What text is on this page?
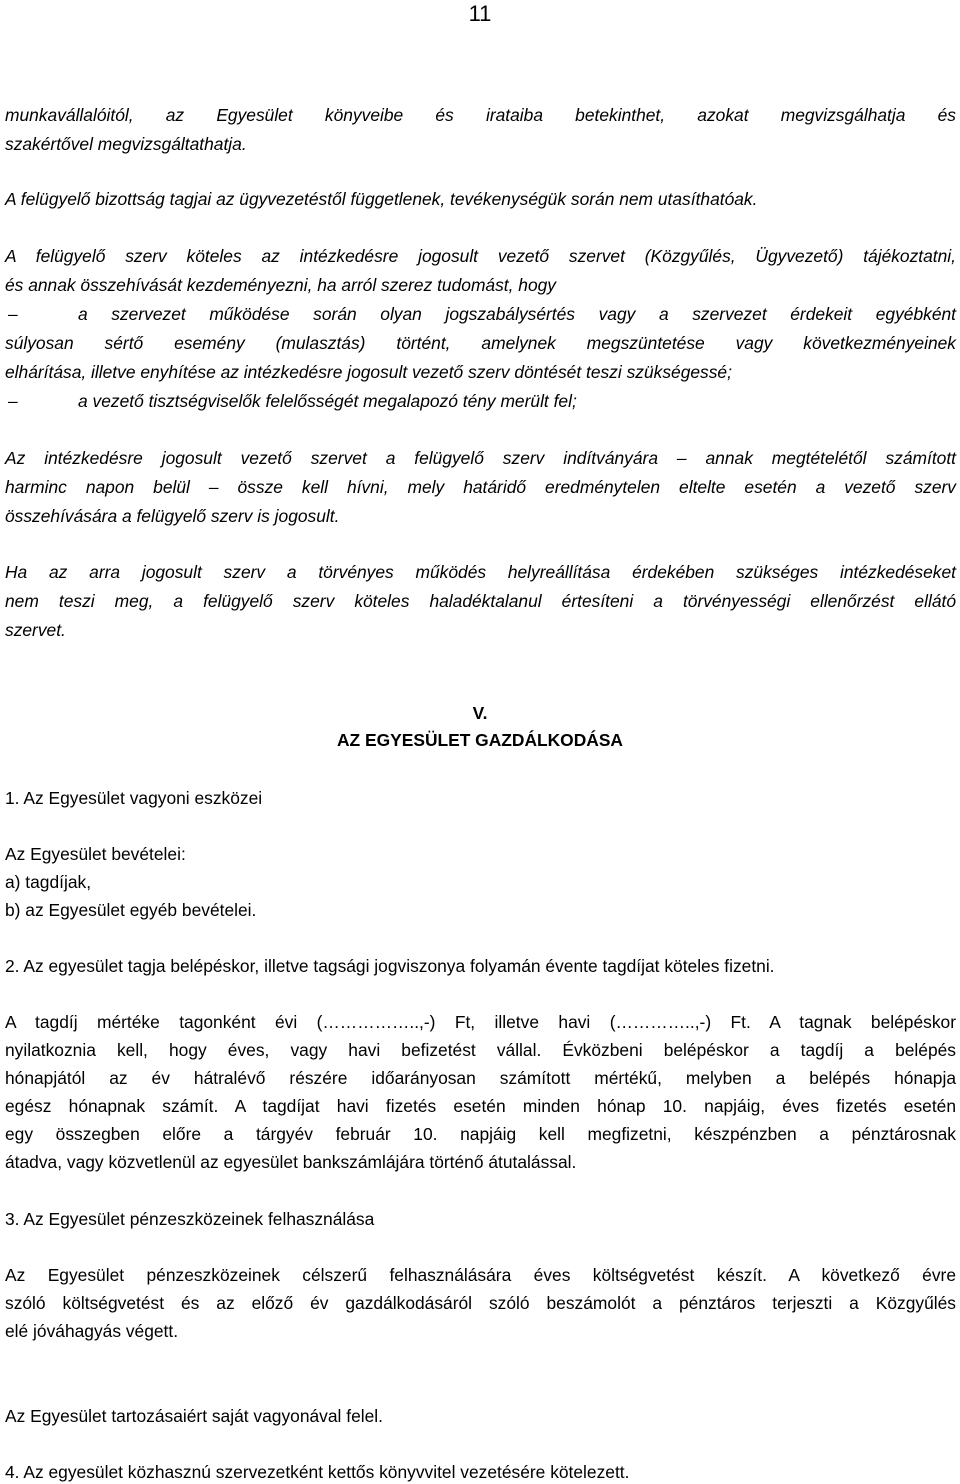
11
munkavállalóitól, az Egyesület könyveibe és irataiba betekinthet, azokat megvizsgálhatja és
szakértővel megvizsgáltathatja.
A felügyelő bizottság tagjai az ügyvezetéstől függetlenek, tevékenységük során nem utasíthatóak.
A felügyelő szerv köteles az intézkedésre jogosult vezető szervet (Közgyűlés, Ügyvezető) tájékoztatni,
és annak összehívását kezdeményezni, ha arról szerez tudomást, hogy
–	a szervezet működése során olyan jogszabálysértés vagy a szervezet érdekeit egyébként
súlyosan sértő esemény (mulasztás) történt, amelynek megszüntetése vagy következményeinek
elhárítása, illetve enyhítése az intézkedésre jogosult vezető szerv döntését teszi szükségessé;
–	a vezető tisztségviselők felelősségét megalapozó tény merült fel;
Az intézkedésre jogosult vezető szervet a felügyelő szerv indítványára – annak megtételétől számított
harminc napon belül – össze kell hívni, mely határidő eredménytelen eltelte esetén a vezető szerv
összehívására a felügyelő szerv is jogosult.
Ha az arra jogosult szerv a törvényes működés helyreállítása érdekében szükséges intézkedéseket
nem teszi meg, a felügyelő szerv köteles haladéktalanul értesíteni a törvényességi ellenőrzést ellátó
szervet.
V.
AZ EGYESÜLET GAZDÁLKODÁSA
1. Az Egyesület vagyoni eszközei
Az Egyesület bevételei:
a) tagdíjak,
b) az Egyesület egyéb bevételei.
2. Az egyesület tagja belépéskor, illetve tagsági jogviszonya folyamán évente tagdíjat köteles fizetni.
A tagdíj mértéke tagonként évi (……………..,-) Ft, illetve havi (…………..,-) Ft. A tagnak belépéskor
nyilatkoznia kell, hogy éves, vagy havi befizetést vállal. Évközbeni belépéskor a tagdíj a belépés
hónapjától az év hátralévő részére időarányosan számított mértékű, melyben a belépés hónapja
egész hónapnak számít. A tagdíjat havi fizetés esetén minden hónap 10. napjáig, éves fizetés esetén
egy összegben előre a tárgyév február 10. napjáig kell megfizetni, készpénzben a pénztárosnak
átadva, vagy közvetlenül az egyesület bankszámlájára történő átutalással.
3. Az Egyesület pénzeszközeinek felhasználása
Az Egyesület pénzeszközeinek célszerű felhasználására éves költségvetést készít. A következő évre
szóló költségvetést és az előző év gazdálkodásáról szóló beszámolót a pénztáros terjeszti a Közgyűlés
elé jóváhagyás végett.
Az Egyesület tartozásaiért saját vagyonával felel.
4. Az egyesület közhasznú szervezetként kettős könyvvitel vezetésére kötelezett.
